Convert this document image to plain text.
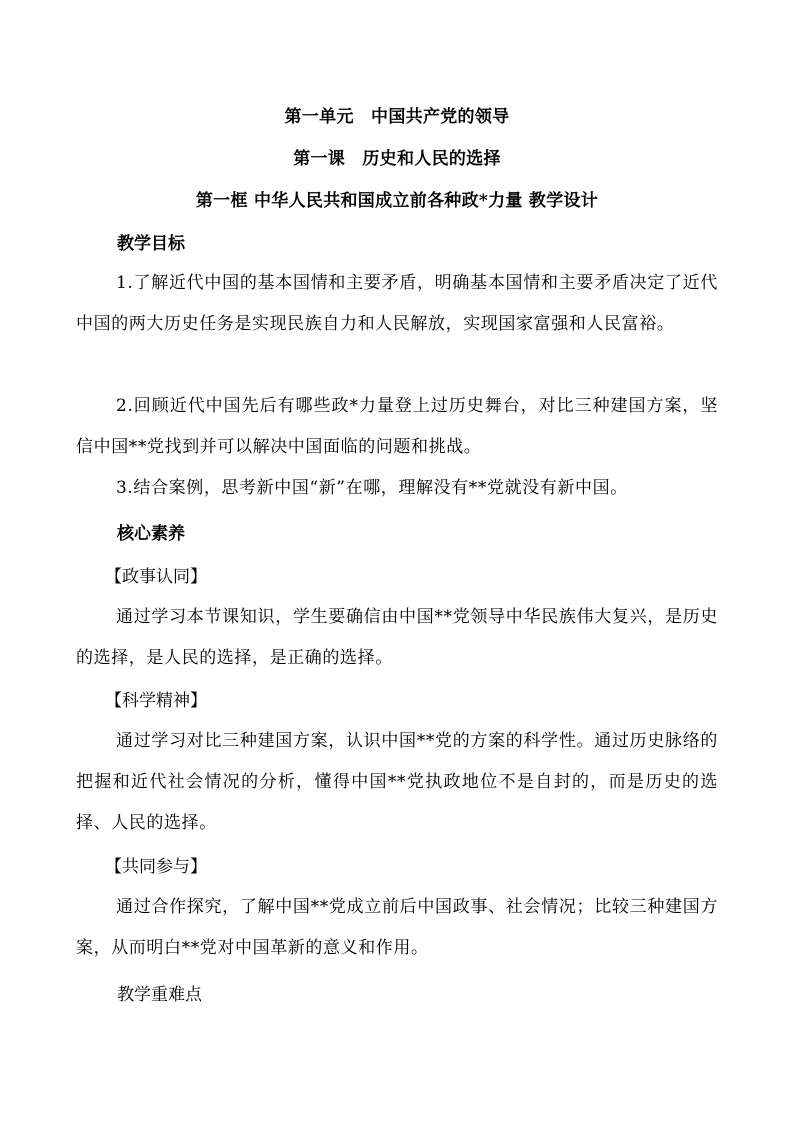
第一单元　中国共产党的领导
第一课　历史和人民的选择
第一框 中华人民共和国成立前各种政*力量 教学设计
教学目标

1.了解近代中国的基本国情和主要矛盾，明确基本国情和主要矛盾决定了近代中国的两大历史任务是实现民族自力和人民解放，实现国家富强和人民富裕。

2.回顾近代中国先后有哪些政*力量登上过历史舞台，对比三种建国方案，坚信中国**党找到并可以解决中国面临的问题和挑战。

3.结合案例，思考新中国“新”在哪，理解没有**党就没有新中国。

核心素养
【政事认同】

通过学习本节课知识，学生要确信由中国**党领导中华民族伟大复兴，是历史的选择，是人民的选择，是正确的选择。

【科学精神】

通过学习对比三种建国方案，认识中国**党的方案的科学性。通过历史脉络的把握和近代社会情况的分析，懂得中国**党执政地位不是自封的，而是历史的选择、人民的选择。

【共同参与】

通过合作探究，了解中国**党成立前后中国政事、社会情况；比较三种建国方案，从而明白**党对中国革新的意义和作用。

教学重难点
